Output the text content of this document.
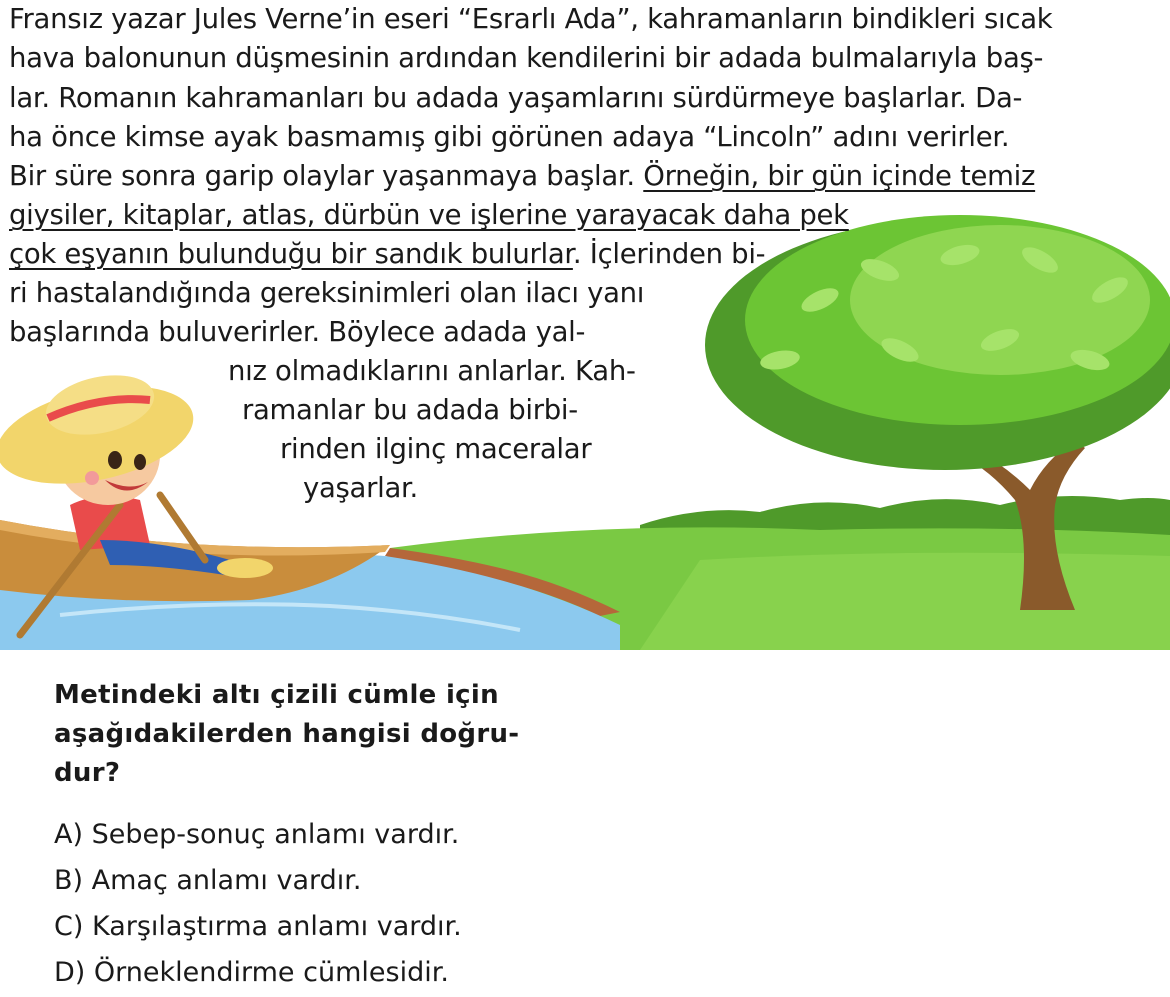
Fransız yazar Jules Verne’in eseri “Esrarlı Ada”, kahramanların bindikleri sıcak
hava balonunun düşmesinin ardından kendilerini bir adada bulmalarıyla baş-
lar. Romanın kahramanları bu adada yaşamlarını sürdürmeye başlarlar. Da-
ha önce kimse ayak basmamış gibi görünen adaya “Lincoln” adını verirler.
Bir süre sonra garip olaylar yaşanmaya başlar. Örneğin, bir gün içinde temiz
giysiler, kitaplar, atlas, dürbün ve işlerine yarayacak daha pek
çok eşyanın bulunduğu bir sandık bulurlar. İçlerinden bi-
ri hastalandığında gereksinimleri olan ilacı yanı
başlarında buluverirler. Böylece adada yal-
nız olmadıklarını anlarlar. Kah-
ramanlar bu adada birbi-
rinden ilginç maceralar
yaşarlar.
Metindeki altı çizili cümle için
aşağıdakilerden hangisi doğru-
dur?
A) Sebep-sonuç anlamı vardır.
B) Amaç anlamı vardır.
C) Karşılaştırma anlamı vardır.
D) Örneklendirme cümlesidir.
